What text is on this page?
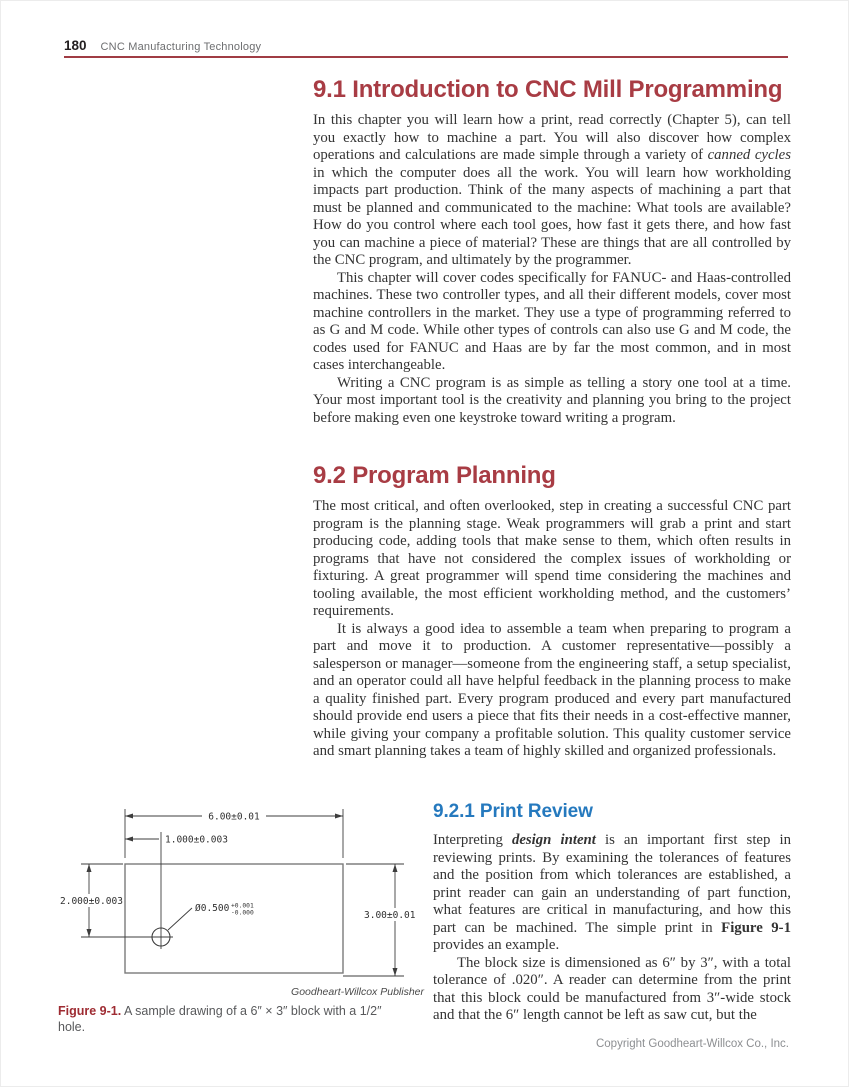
180 CNC Manufacturing Technology
9.1 Introduction to CNC Mill Programming

In this chapter you will learn how a print, read correctly (Chapter 5), can tell you exactly how to machine a part. You will also discover how complex operations and calculations are made simple through a variety of canned cycles in which the computer does all the work. You will learn how workholding impacts part production. Think of the many aspects of machining a part that must be planned and communicated to the machine: What tools are available? How do you control where each tool goes, how fast it gets there, and how fast you can machine a piece of material? These are things that are all controlled by the CNC program, and ultimately by the programmer.

This chapter will cover codes specifically for FANUC- and Haas-controlled machines. These two controller types, and all their different models, cover most machine controllers in the market. They use a type of programming referred to as G and M code. While other types of controls can also use G and M code, the codes used for FANUC and Haas are by far the most common, and in most cases interchangeable.

Writing a CNC program is as simple as telling a story one tool at a time. Your most important tool is the creativity and planning you bring to the project before making even one keystroke toward writing a program.

9.2 Program Planning

The most critical, and often overlooked, step in creating a successful CNC part program is the planning stage. Weak programmers will grab a print and start producing code, adding tools that make sense to them, which often results in programs that have not considered the complex issues of workholding or fixturing. A great programmer will spend time considering the machines and tooling available, the most efficient workholding method, and the customers’ requirements.

It is always a good idea to assemble a team when preparing to program a part and move it to production. A customer representative—possibly a salesperson or manager—someone from the engineering staff, a setup specialist, and an operator could all have helpful feedback in the planning process to make a quality finished part. Every program produced and every part manufactured should provide end users a piece that fits their needs in a cost-effective manner, while giving your company a profitable solution. This quality customer service and smart planning takes a team of highly skilled and organized professionals.

6.00±0.01
1.000±0.003
2.000±0.003
3.00±0.01
Ø0.500 +0.001
-0.000
Goodheart-Willcox Publisher
Figure 9-1. A sample drawing of a 6″ × 3″ block with a 1/2″ hole.
9.2.1 Print Review

Interpreting design intent is an important first step in reviewing prints. By examining the tolerances of features and the position from which tolerances are established, a print reader can gain an understanding of part function, what features are critical in manufacturing, and how this part can be machined. The simple print in Figure 9-1 provides an example.

The block size is dimensioned as 6″ by 3″, with a total tolerance of .020″. A reader can determine from the print that this block could be manufactured from 3″-wide stock and that the 6″ length cannot be left as saw cut, but the

Copyright Goodheart-Willcox Co., Inc.
